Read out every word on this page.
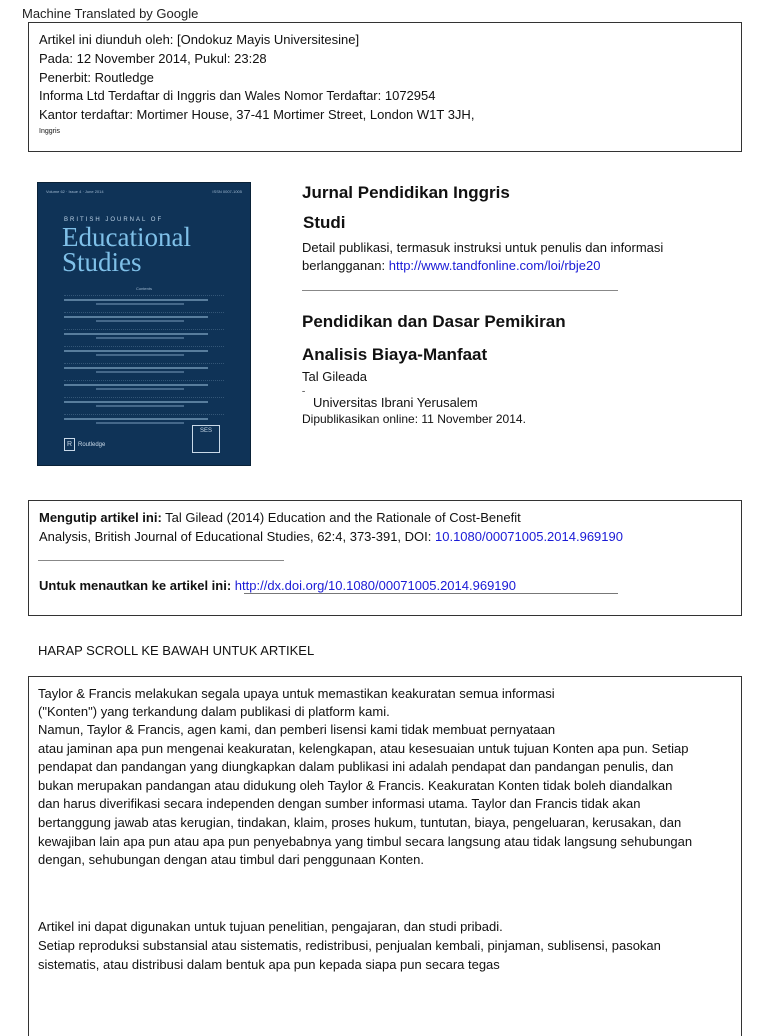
Machine Translated by Google
Artikel ini diunduh oleh: [Ondokuz Mayis Universitesine]
Pada: 12 November 2014, Pukul: 23:28
Penerbit: Routledge
Informa Ltd Terdaftar di Inggris dan Wales Nomor Terdaftar: 1072954
Kantor terdaftar: Mortimer House, 37-41 Mortimer Street, London W1T 3JH,
Inggris
Volume 62 · Issue 4 · June 2014	ISSN 0007-1005
BRITISH JOURNAL OF
Educational
Studies
Contents
R Routledge
SES
Jurnal Pendidikan Inggris
Studi
Detail publikasi, termasuk instruksi untuk penulis dan informasi
berlangganan: http://www.tandfonline.com/loi/rbje20
Pendidikan dan Dasar Pemikiran
Analisis Biaya-Manfaat
Tal Gileada
ˉ Universitas Ibrani Yerusalem
Dipublikasikan online: 11 November 2014.
Mengutip artikel ini: Tal Gilead (2014) Education and the Rationale of Cost-Benefit
Analysis, British Journal of Educational Studies, 62:4, 373-391, DOI: 10.1080/00071005.2014.969190
Untuk menautkan ke artikel ini: http://dx.doi.org/10.1080/00071005.2014.969190
HARAP SCROLL KE BAWAH UNTUK ARTIKEL
Taylor & Francis melakukan segala upaya untuk memastikan keakuratan semua informasi
("Konten") yang terkandung dalam publikasi di platform kami.
Namun, Taylor & Francis, agen kami, dan pemberi lisensi kami tidak membuat pernyataan
atau jaminan apa pun mengenai keakuratan, kelengkapan, atau kesesuaian untuk tujuan Konten apa pun. Setiap
pendapat dan pandangan yang diungkapkan dalam publikasi ini adalah pendapat dan pandangan penulis, dan
bukan merupakan pandangan atau didukung oleh Taylor & Francis. Keakuratan Konten tidak boleh diandalkan
dan harus diverifikasi secara independen dengan sumber informasi utama. Taylor dan Francis tidak akan
bertanggung jawab atas kerugian, tindakan, klaim, proses hukum, tuntutan, biaya, pengeluaran, kerusakan, dan
kewajiban lain apa pun atau apa pun penyebabnya yang timbul secara langsung atau tidak langsung sehubungan
dengan, sehubungan dengan atau timbul dari penggunaan Konten.
Artikel ini dapat digunakan untuk tujuan penelitian, pengajaran, dan studi pribadi.
Setiap reproduksi substansial atau sistematis, redistribusi, penjualan kembali, pinjaman, sublisensi, pasokan
sistematis, atau distribusi dalam bentuk apa pun kepada siapa pun secara tegas
